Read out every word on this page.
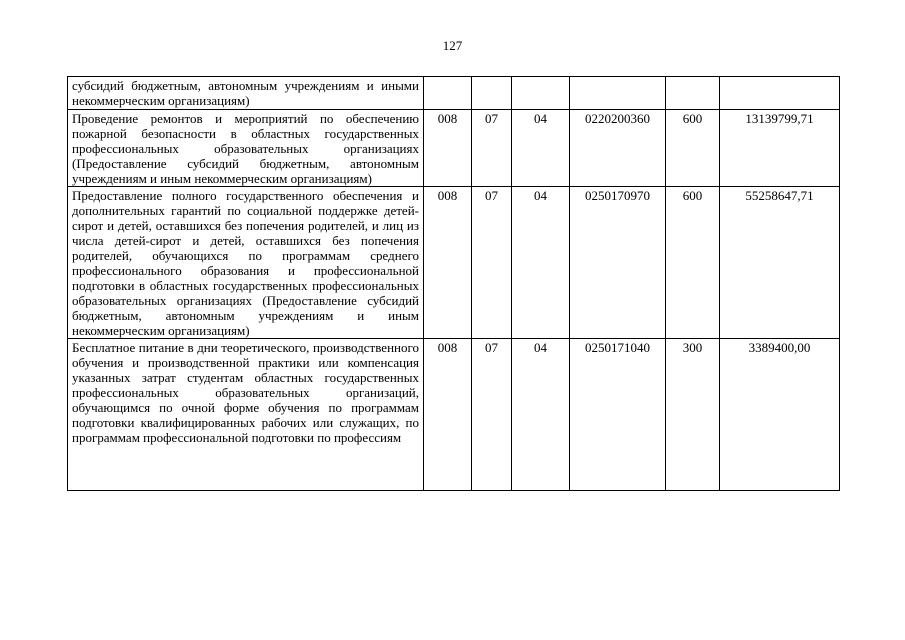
127
субсидий бюджетным, автономным учреждениям и иными некоммерческим организациям)						
Проведение ремонтов и мероприятий по обеспечению пожарной безопасности в областных государственных профессиональных образовательных организациях (Предоставление субсидий бюджетным, автономным учреждениям и иным некоммерческим организациям)	008	07	04	0220200360	600	13139799,71
Предоставление полного государственного обеспечения и дополнительных гарантий по социальной поддержке детей-сирот и детей, оставшихся без попечения родителей, и лиц из числа детей-сирот и детей, оставшихся без попечения родителей, обучающихся по программам среднего профессионального образования и профессиональной подготовки в областных государственных профессиональных образовательных организациях (Предоставление субсидий бюджетным, автономным учреждениям и иным некоммерческим организациям)	008	07	04	0250170970	600	55258647,71

Бесплатное питание в дни теоретического, производственного обучения и производственной практики или компенсация указанных затрат студентам областных государственных профессиональных образовательных организаций, обучающимся по очной форме обучения по программам подготовки квалифицированных рабочих или служащих, по программам профессиональной подготовки по профессиям	008	07	04	0250171040	300	3389400,00
